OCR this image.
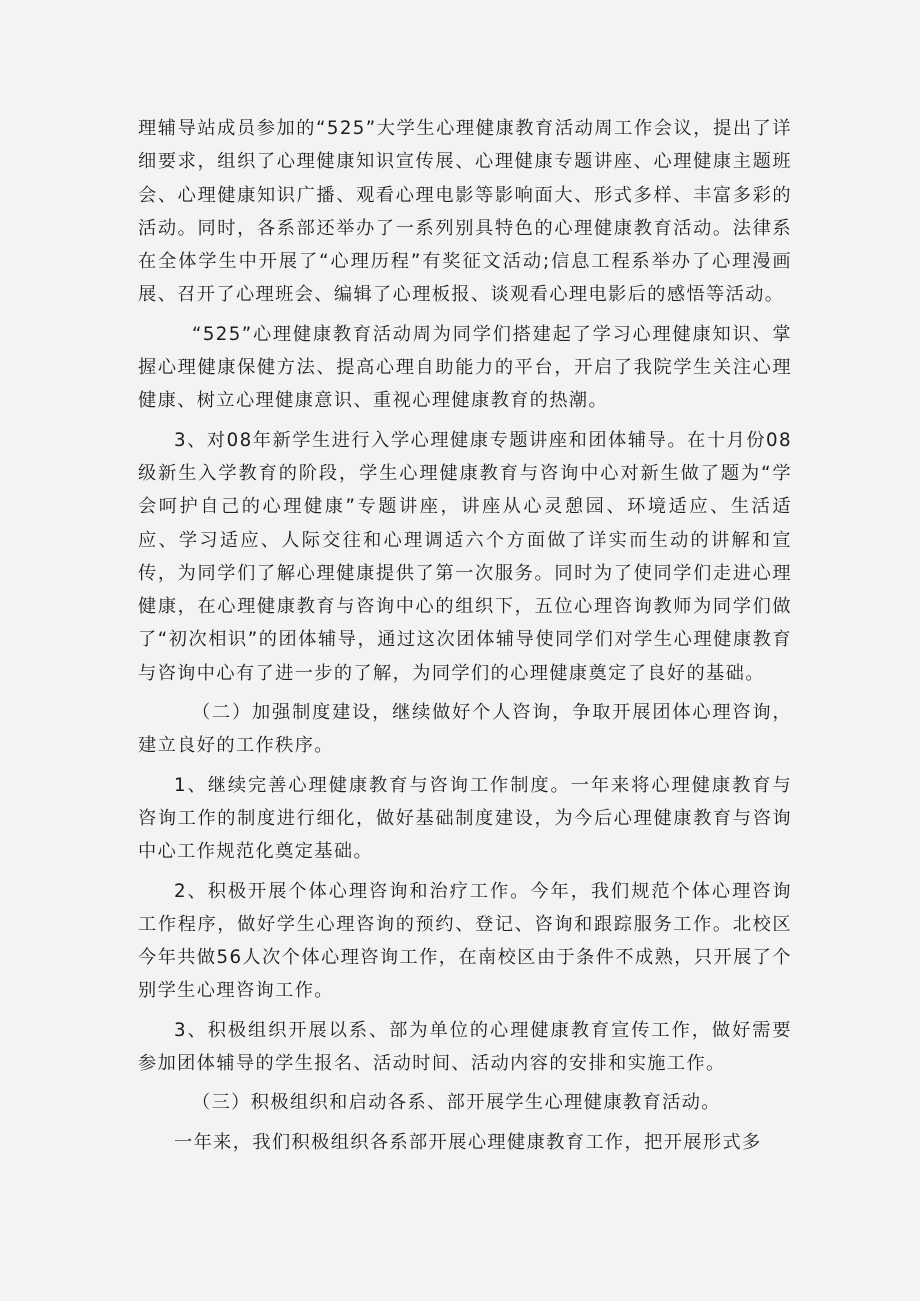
理辅导站成员参加的“525”大学生心理健康教育活动周工作会议，提出了详细要求，组织了心理健康知识宣传展、心理健康专题讲座、心理健康主题班会、心理健康知识广播、观看心理电影等影响面大、形式多样、丰富多彩的活动。同时，各系部还举办了一系列别具特色的心理健康教育活动。法律系在全体学生中开展了“心理历程”有奖征文活动;信息工程系举办了心理漫画展、召开了心理班会、编辑了心理板报、谈观看心理电影后的感悟等活动。

“525”心理健康教育活动周为同学们搭建起了学习心理健康知识、掌握心理健康保健方法、提高心理自助能力的平台，开启了我院学生关注心理健康、树立心理健康意识、重视心理健康教育的热潮。

3、对08年新学生进行入学心理健康专题讲座和团体辅导。在十月份08级新生入学教育的阶段，学生心理健康教育与咨询中心对新生做了题为“学会呵护自己的心理健康”专题讲座，讲座从心灵憩园、环境适应、生活适应、学习适应、人际交往和心理调适六个方面做了详实而生动的讲解和宣传，为同学们了解心理健康提供了第一次服务。同时为了使同学们走进心理健康，在心理健康教育与咨询中心的组织下，五位心理咨询教师为同学们做了“初次相识”的团体辅导，通过这次团体辅导使同学们对学生心理健康教育与咨询中心有了进一步的了解，为同学们的心理健康奠定了良好的基础。

（二）加强制度建设，继续做好个人咨询，争取开展团体心理咨询，建立良好的工作秩序。

1、继续完善心理健康教育与咨询工作制度。一年来将心理健康教育与咨询工作的制度进行细化，做好基础制度建设，为今后心理健康教育与咨询中心工作规范化奠定基础。

2、积极开展个体心理咨询和治疗工作。今年，我们规范个体心理咨询工作程序，做好学生心理咨询的预约、登记、咨询和跟踪服务工作。北校区今年共做56人次个体心理咨询工作，在南校区由于条件不成熟，只开展了个别学生心理咨询工作。

3、积极组织开展以系、部为单位的心理健康教育宣传工作，做好需要参加团体辅导的学生报名、活动时间、活动内容的安排和实施工作。

（三）积极组织和启动各系、部开展学生心理健康教育活动。

一年来，我们积极组织各系部开展心理健康教育工作，把开展形式多
